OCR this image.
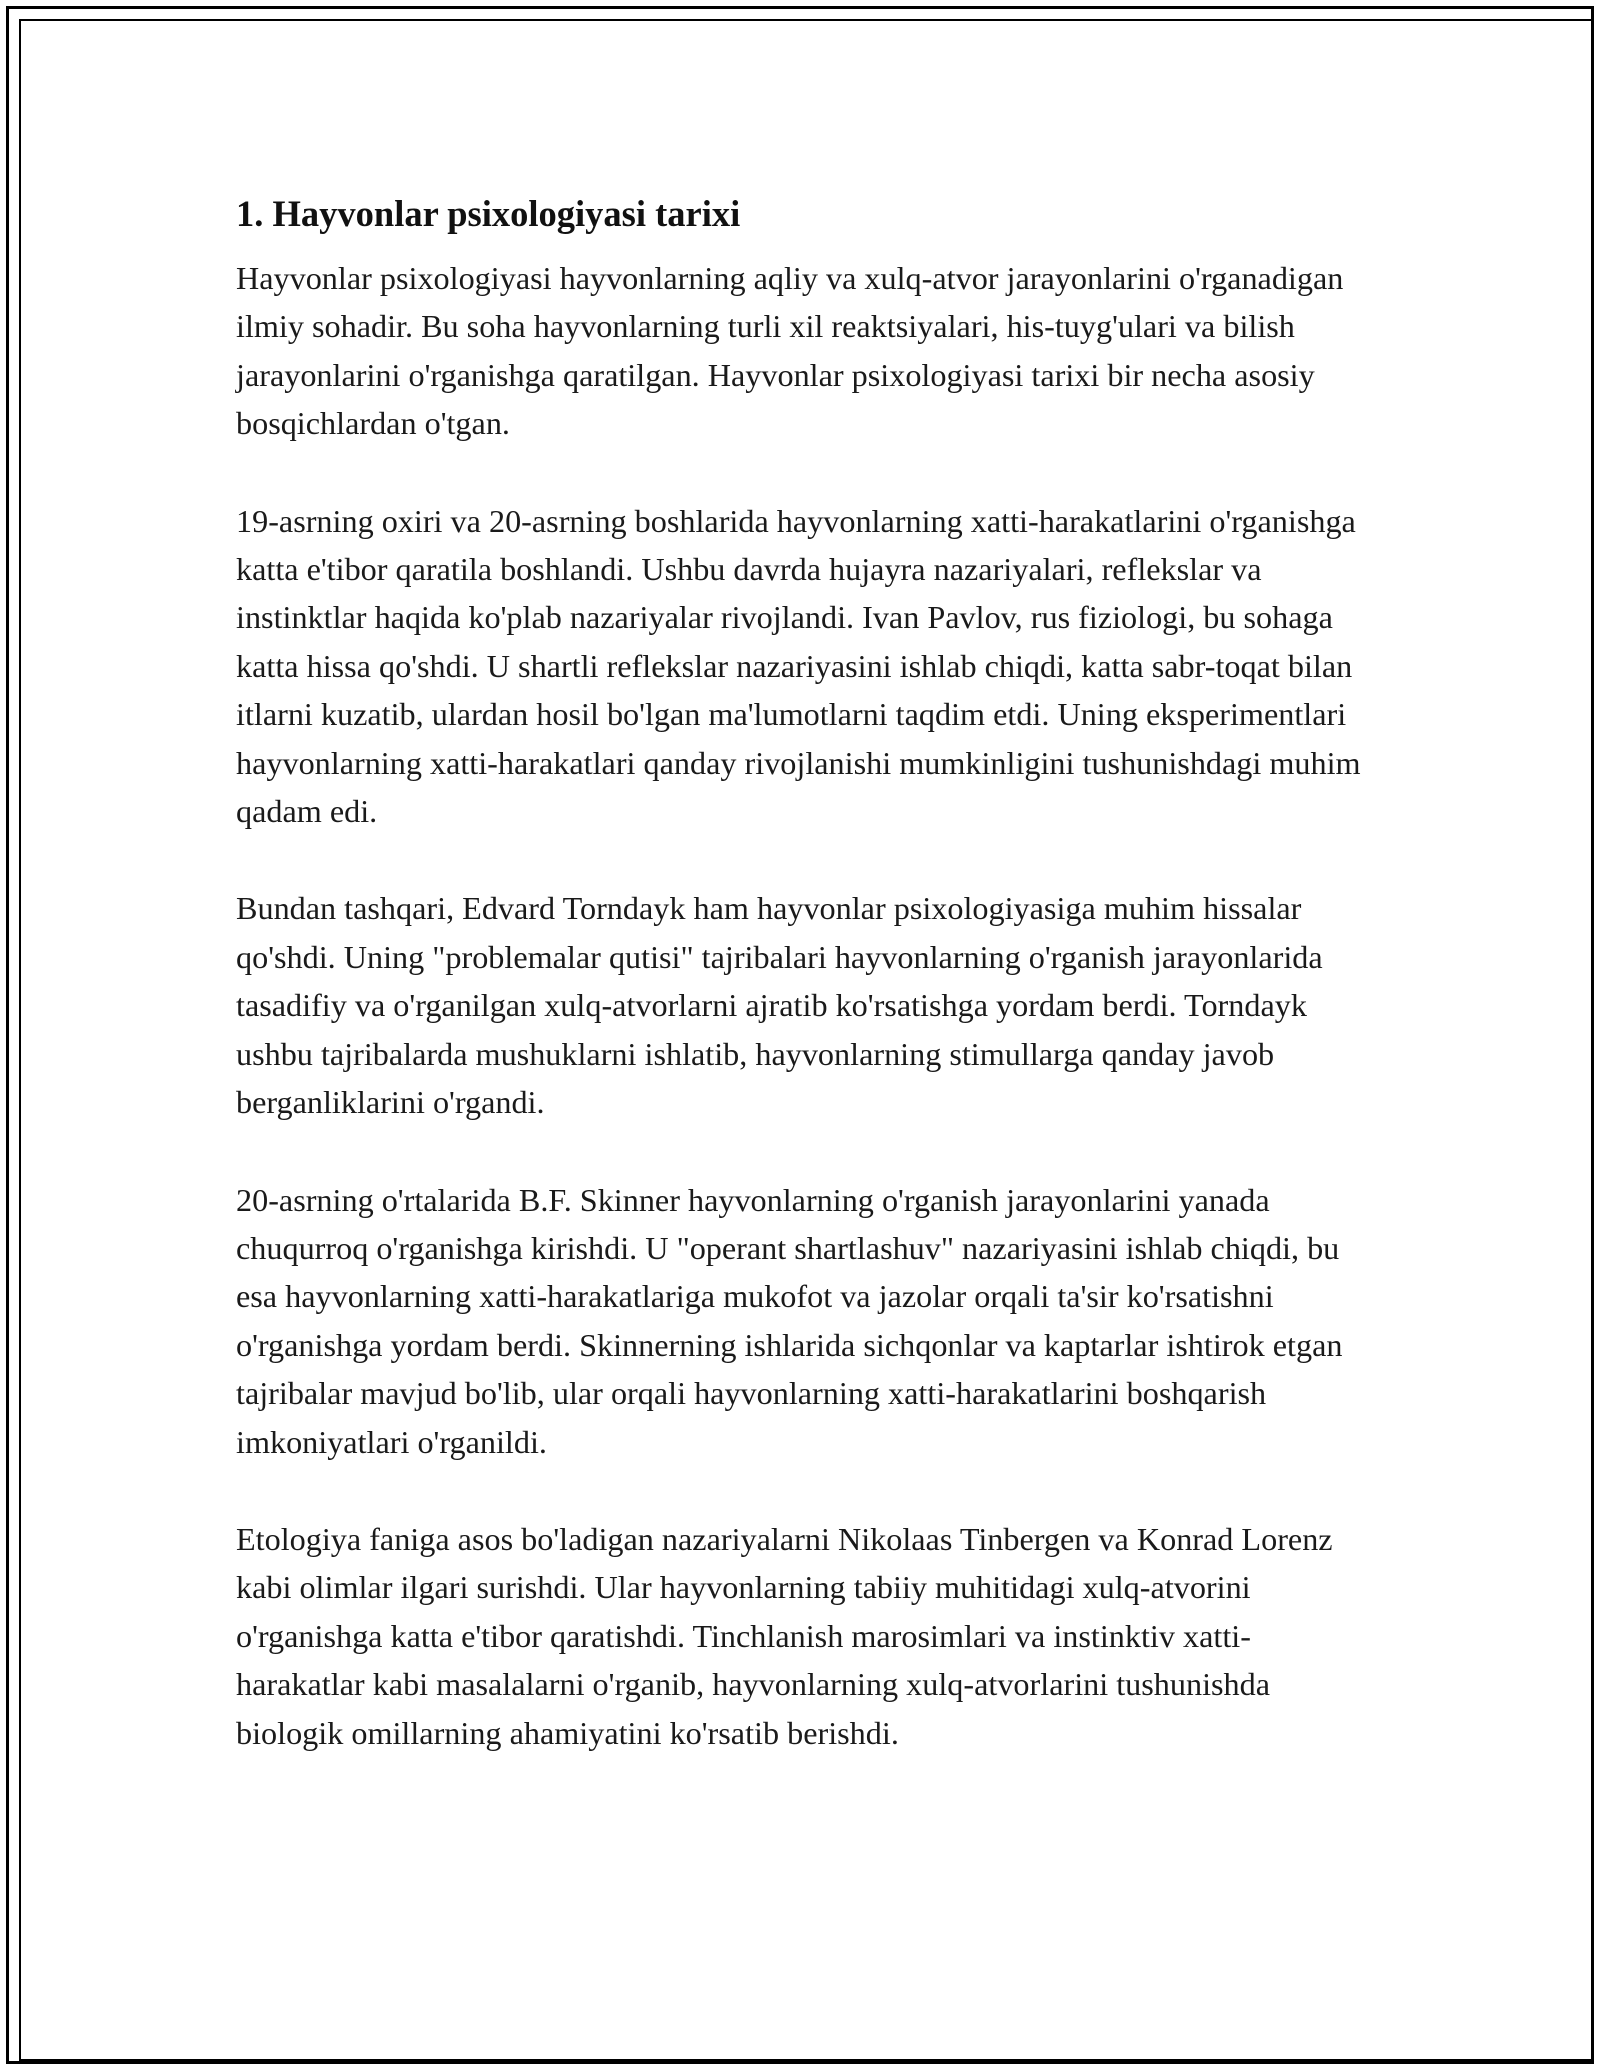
1. Hayvonlar psixologiyasi tarixi

Hayvonlar psixologiyasi hayvonlarning aqliy va xulq-atvor jarayonlarini o'rganadigan ilmiy sohadir. Bu soha hayvonlarning turli xil reaktsiyalari, his-tuyg'ulari va bilish jarayonlarini o'rganishga qaratilgan. Hayvonlar psixologiyasi tarixi bir necha asosiy bosqichlardan o'tgan.

19-asrning oxiri va 20-asrning boshlarida hayvonlarning xatti-harakatlarini o'rganishga katta e'tibor qaratila boshlandi. Ushbu davrda hujayra nazariyalari, reflekslar va instinktlar haqida ko'plab nazariyalar rivojlandi. Ivan Pavlov, rus fiziologi, bu sohaga katta hissa qo'shdi. U shartli reflekslar nazariyasini ishlab chiqdi, katta sabr-toqat bilan itlarni kuzatib, ulardan hosil bo'lgan ma'lumotlarni taqdim etdi. Uning eksperimentlari hayvonlarning xatti-harakatlari qanday rivojlanishi mumkinligini tushunishdagi muhim qadam edi.

Bundan tashqari, Edvard Torndayk ham hayvonlar psixologiyasiga muhim hissalar qo'shdi. Uning "problemalar qutisi" tajribalari hayvonlarning o'rganish jarayonlarida tasadifiy va o'rganilgan xulq-atvorlarni ajratib ko'rsatishga yordam berdi. Torndayk ushbu tajribalarda mushuklarni ishlatib, hayvonlarning stimullarga qanday javob berganliklarini o'rgandi.

20-asrning o'rtalarida B.F. Skinner hayvonlarning o'rganish jarayonlarini yanada chuqurroq o'rganishga kirishdi. U "operant shartlashuv" nazariyasini ishlab chiqdi, bu esa hayvonlarning xatti-harakatlariga mukofot va jazolar orqali ta'sir ko'rsatishni o'rganishga yordam berdi. Skinnerning ishlarida sichqonlar va kaptarlar ishtirok etgan tajribalar mavjud bo'lib, ular orqali hayvonlarning xatti-harakatlarini boshqarish imkoniyatlari o'rganildi.

Etologiya faniga asos bo'ladigan nazariyalarni Nikolaas Tinbergen va Konrad Lorenz kabi olimlar ilgari surishdi. Ular hayvonlarning tabiiy muhitidagi xulq-atvorini o'rganishga katta e'tibor qaratishdi. Tinchlanish marosimlari va instinktiv xatti-harakatlar kabi masalalarni o'rganib, hayvonlarning xulq-atvorlarini tushunishda biologik omillarning ahamiyatini ko'rsatib berishdi.
